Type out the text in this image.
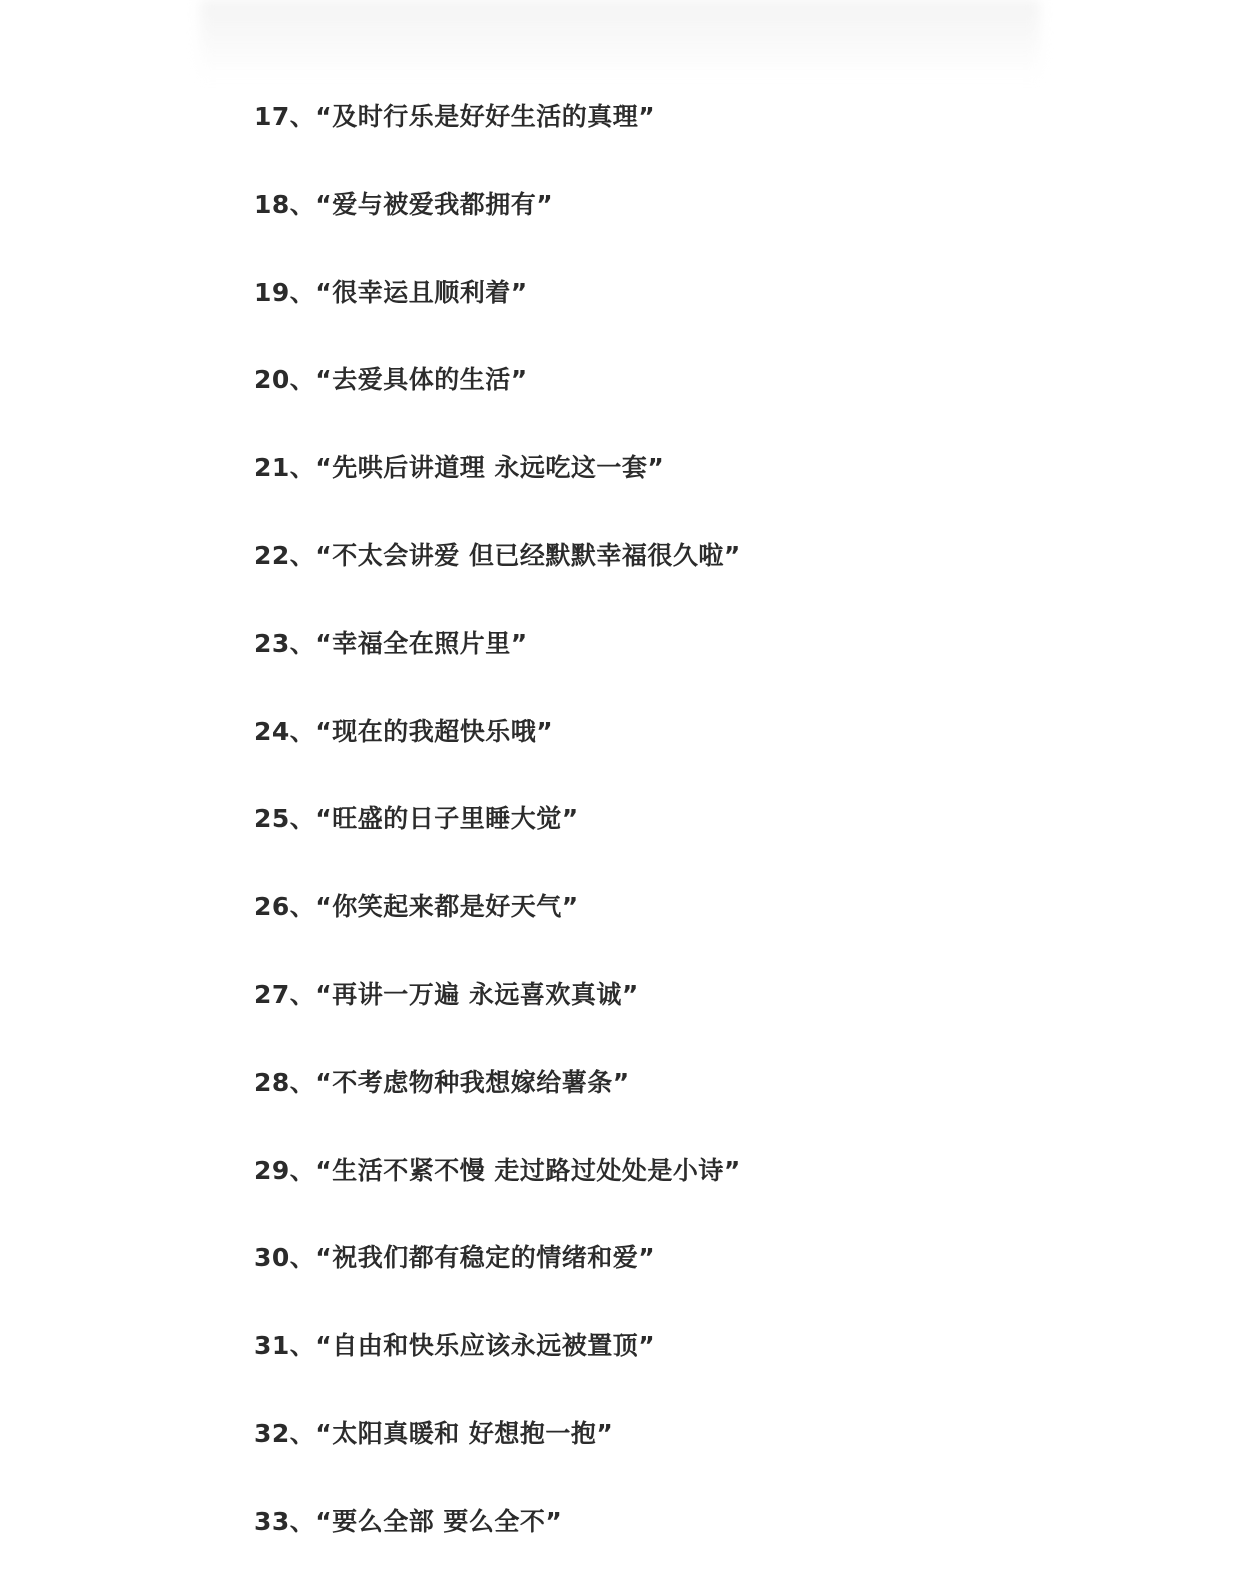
17、“及时行乐是好好生活的真理”
18、“爱与被爱我都拥有”
19、“很幸运且顺利着”
20、“去爱具体的生活”
21、“先哄后讲道理 永远吃这一套”
22、“不太会讲爱 但已经默默幸福很久啦”
23、“幸福全在照片里”
24、“现在的我超快乐哦”
25、“旺盛的日子里睡大觉”
26、“你笑起来都是好天气”
27、“再讲一万遍 永远喜欢真诚”
28、“不考虑物种我想嫁给薯条”
29、“生活不紧不慢 走过路过处处是小诗”
30、“祝我们都有稳定的情绪和爱”
31、“自由和快乐应该永远被置顶”
32、“太阳真暖和 好想抱一抱”
33、“要么全部 要么全不”
